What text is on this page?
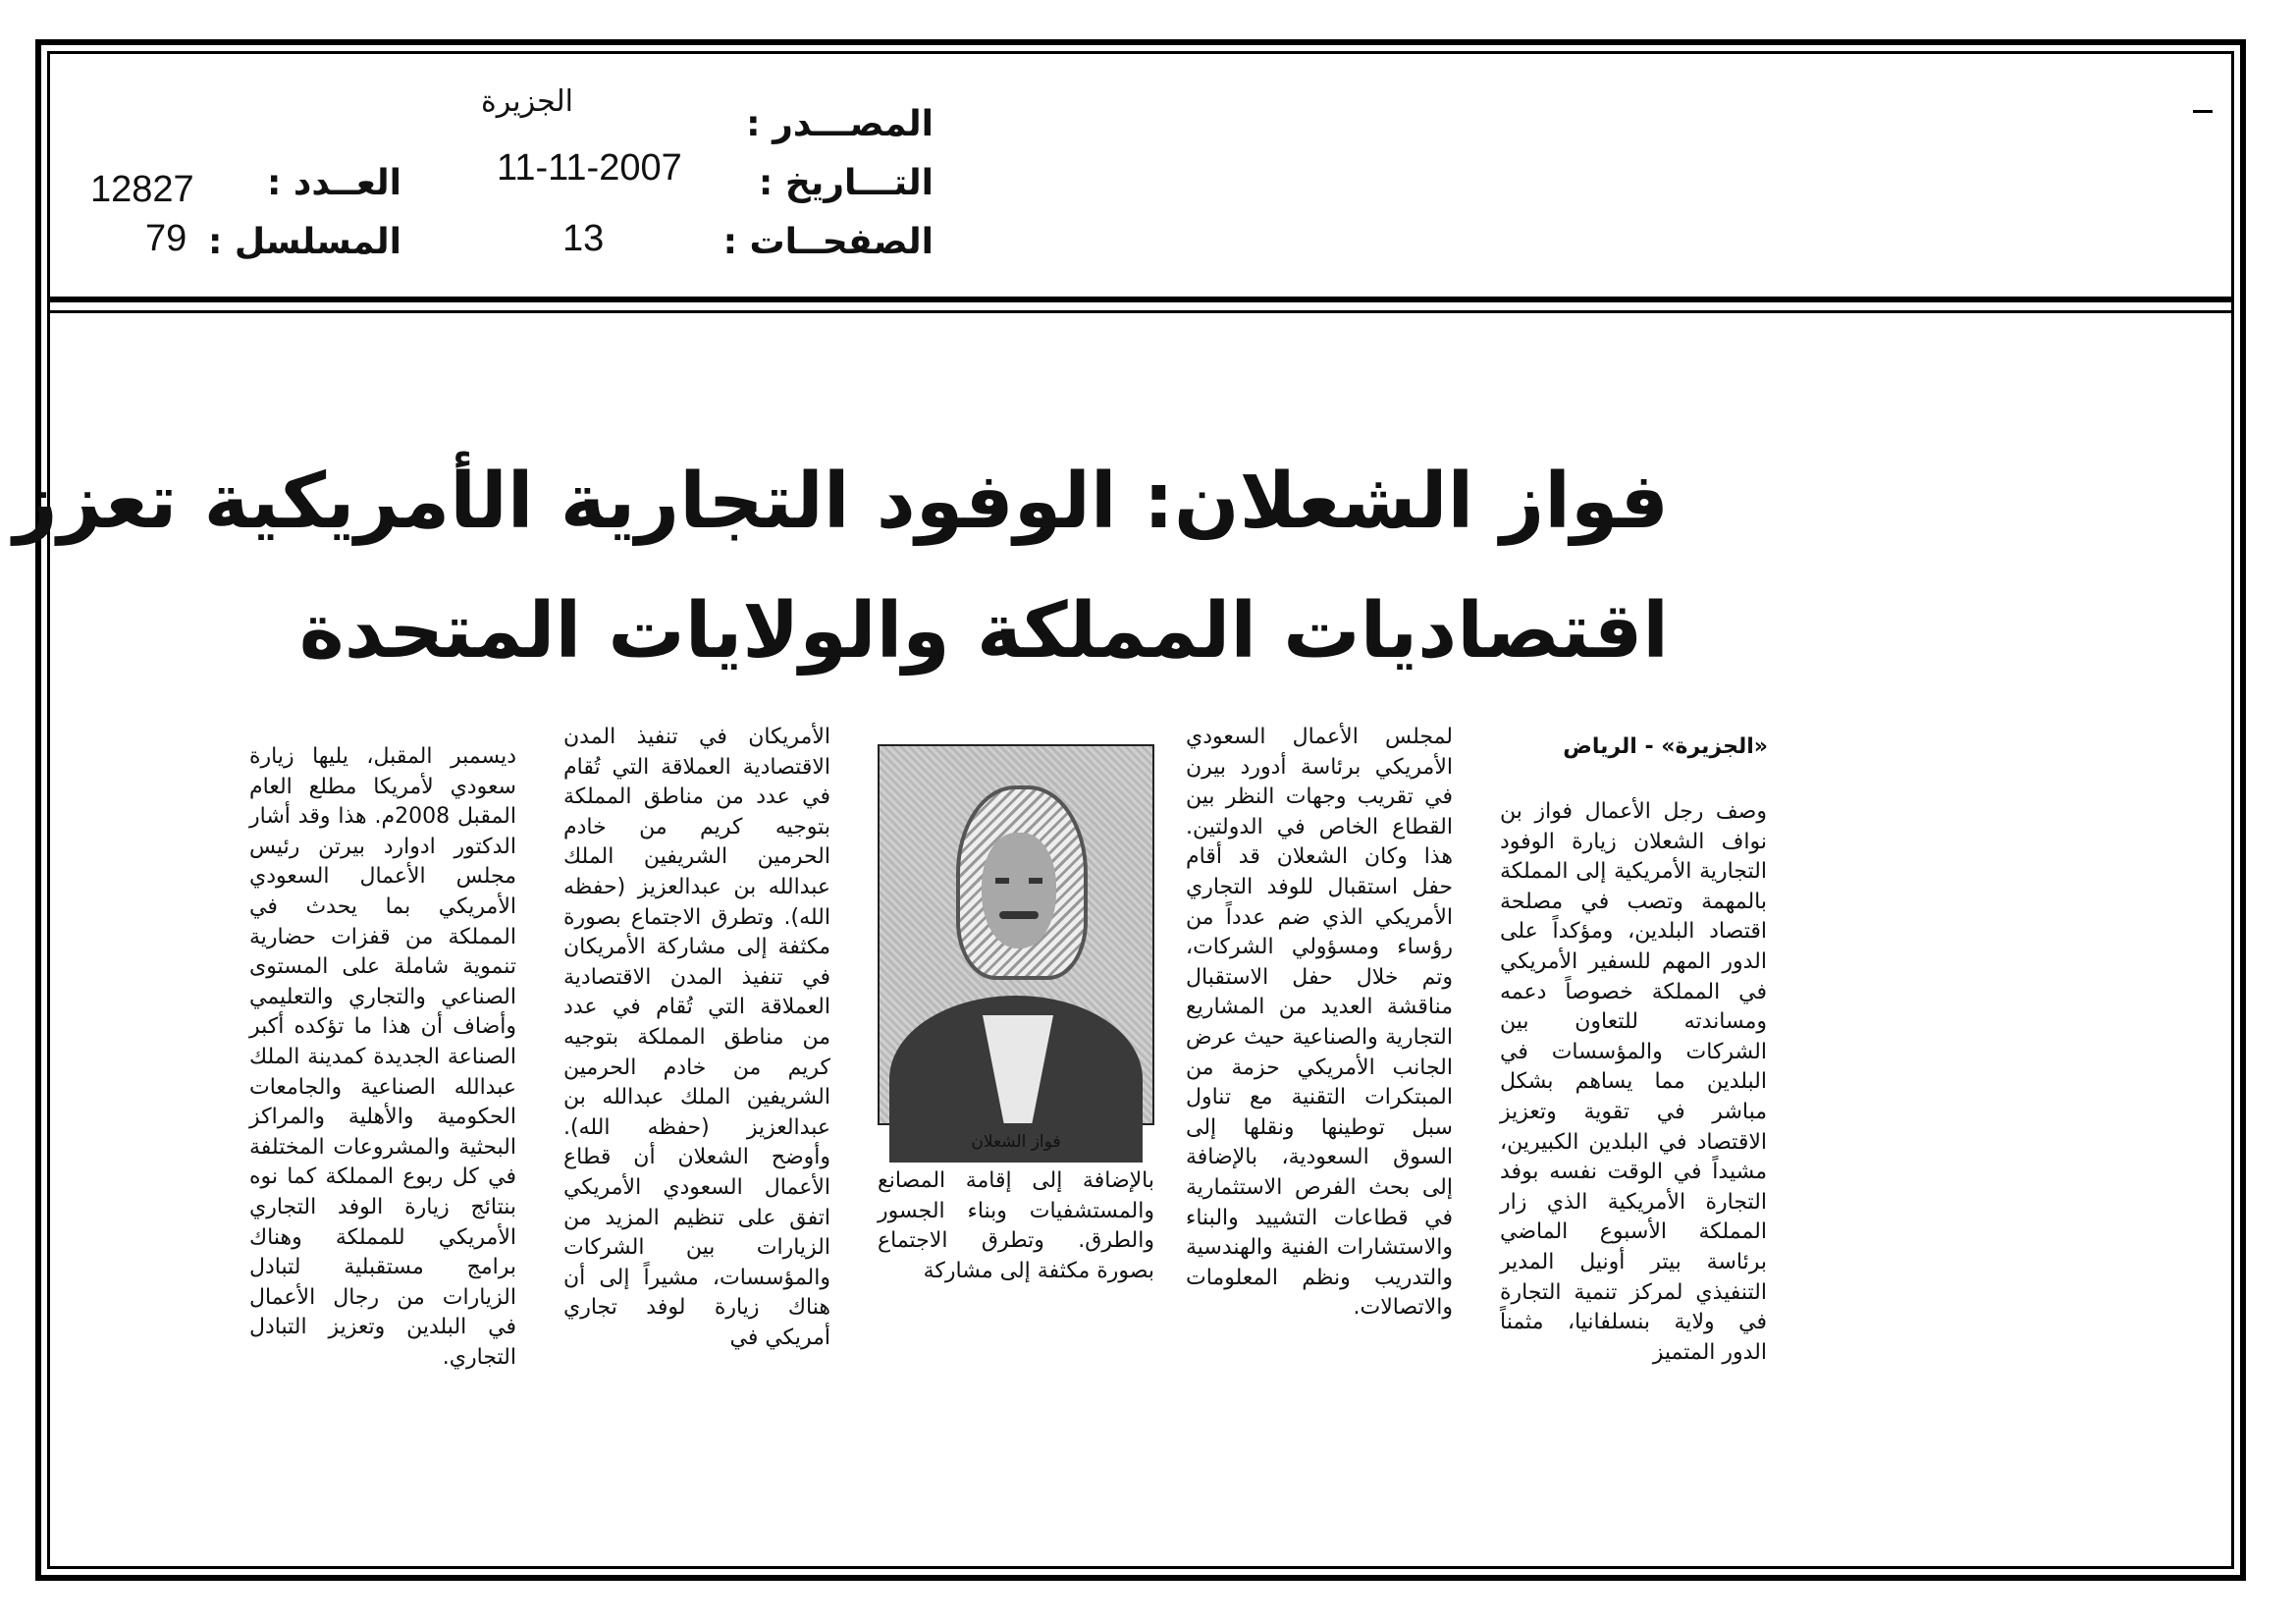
المصـــدر :
الجزيرة
التـــاريخ :
11-11-2007
الصفحــات :
13
العــدد :
12827
المسلسل :
79
فواز الشعلان: الوفود التجارية الأمريكية تعزز
اقتصاديات المملكة والولايات المتحدة
«الجزيرة» - الرياض

وصف رجل الأعمال فواز بن نواف الشعلان زيارة الوفود التجارية الأمريكية إلى المملكة بالمهمة وتصب في مصلحة اقتصاد البلدين، ومؤكداً على الدور المهم للسفير الأمريكي في المملكة خصوصاً دعمه ومساندته للتعاون بين الشركات والمؤسسات في البلدين مما يساهم بشكل مباشر في تقوية وتعزيز الاقتصاد في البلدين الكبيرين، مشيداً في الوقت نفسه بوفد التجارة الأمريكية الذي زار المملكة الأسبوع الماضي برئاسة بيتر أونيل المدير التنفيذي لمركز تنمية التجارة في ولاية بنسلفانيا، مثمناً الدور المتميز

لمجلس الأعمال السعودي الأمريكي برئاسة أدورد بيرن في تقريب وجهات النظر بين القطاع الخاص في الدولتين. هذا وكان الشعلان قد أقام حفل استقبال للوفد التجاري الأمريكي الذي ضم عدداً من رؤساء ومسؤولي الشركات، وتم خلال حفل الاستقبال مناقشة العديد من المشاريع التجارية والصناعية حيث عرض الجانب الأمريكي حزمة من المبتكرات التقنية مع تناول سبل توطينها ونقلها إلى السوق السعودية، بالإضافة إلى بحث الفرص الاستثمارية في قطاعات التشييد والبناء والاستشارات الفنية والهندسية والتدريب ونظم المعلومات والاتصالات.

فواز الشعلان

بالإضافة إلى إقامة المصانع والمستشفيات وبناء الجسور والطرق. وتطرق الاجتماع بصورة مكثفة إلى مشاركة

الأمريكان في تنفيذ المدن الاقتصادية العملاقة التي تُقام في عدد من مناطق المملكة بتوجيه كريم من خادم الحرمين الشريفين الملك عبدالله بن عبدالعزيز (حفظه الله). وتطرق الاجتماع بصورة مكثفة إلى مشاركة الأمريكان في تنفيذ المدن الاقتصادية العملاقة التي تُقام في عدد من مناطق المملكة بتوجيه كريم من خادم الحرمين الشريفين الملك عبدالله بن عبدالعزيز (حفظه الله). وأوضح الشعلان أن قطاع الأعمال السعودي الأمريكي اتفق على تنظيم المزيد من الزيارات بين الشركات والمؤسسات، مشيراً إلى أن هناك زيارة لوفد تجاري أمريكي في

ديسمبر المقبل، يليها زيارة سعودي لأمريكا مطلع العام المقبل 2008م. هذا وقد أشار الدكتور ادوارد بيرتن رئيس مجلس الأعمال السعودي الأمريكي بما يحدث في المملكة من قفزات حضارية تنموية شاملة على المستوى الصناعي والتجاري والتعليمي وأضاف أن هذا ما تؤكده أكبر الصناعة الجديدة كمدينة الملك عبدالله الصناعية والجامعات الحكومية والأهلية والمراكز البحثية والمشروعات المختلفة في كل ربوع المملكة كما نوه بنتائج زيارة الوفد التجاري الأمريكي للمملكة وهناك برامج مستقبلية لتبادل الزيارات من رجال الأعمال في البلدين وتعزيز التبادل التجاري.
